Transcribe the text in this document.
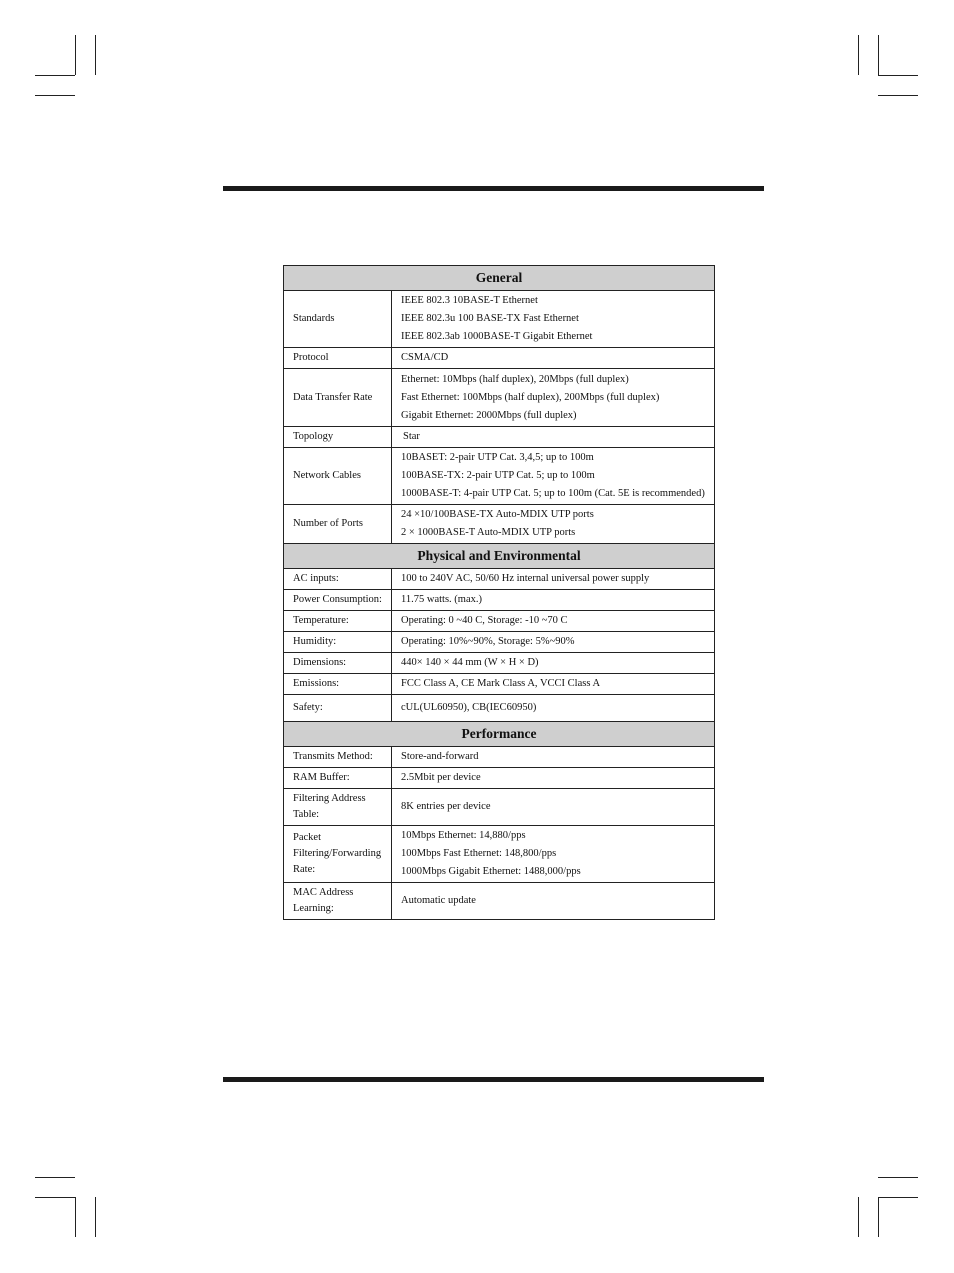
General	
Standards	IEEE 802.3 10BASE-T Ethernet
IEEE 802.3u 100 BASE-TX Fast Ethernet
IEEE 802.3ab 1000BASE-T Gigabit Ethernet

Protocol	CSMA/CD

Data Transfer Rate	Ethernet: 10Mbps (half duplex), 20Mbps (full duplex)
Fast Ethernet: 100Mbps (half duplex), 200Mbps (full duplex)
Gigabit Ethernet: 2000Mbps (full duplex)

Topology	Star

Network Cables	10BASET: 2-pair UTP Cat. 3,4,5; up to 100m
100BASE-TX: 2-pair UTP Cat. 5; up to 100m
1000BASE-T: 4-pair UTP Cat. 5; up to 100m (Cat. 5E is recommended)

Number of Ports	24 ×10/100BASE-TX Auto-MDIX UTP ports
2 × 1000BASE-T Auto-MDIX UTP ports

Physical and Environmental	
AC inputs:	100 to 240V AC, 50/60 Hz internal universal power supply

Power Consumption:	11.75 watts. (max.)

Temperature:	Operating: 0 ~40 C, Storage: -10 ~70 C

Humidity:	Operating: 10%~90%, Storage: 5%~90%

Dimensions:	440× 140 × 44 mm (W × H × D)

Emissions:	FCC Class A, CE Mark Class A, VCCI Class A

Safety:	cUL(UL60950), CB(IEC60950)

Performance	
Transmits Method:	Store-and-forward

RAM Buffer:	2.5Mbit per device

Filtering Address Table:	8K entries per device

Packet Filtering/Forwarding Rate:	10Mbps Ethernet: 14,880/pps
100Mbps Fast Ethernet: 148,800/pps
1000Mbps Gigabit Ethernet: 1488,000/pps

MAC Address Learning:	Automatic update
